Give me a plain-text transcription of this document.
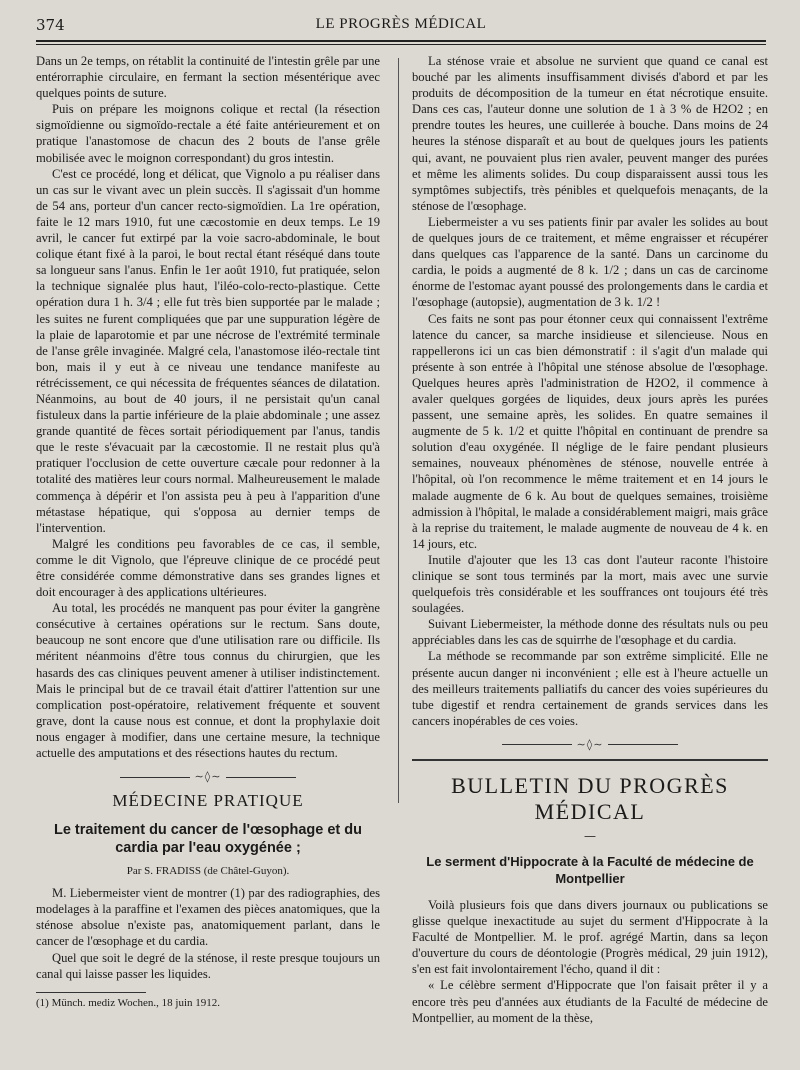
374	LE PROGRÈS MÉDICAL

Dans un 2e temps, on rétablit la continuité de l'intestin grêle par une entérorraphie circulaire, en fermant la section mésentérique avec quelques points de suture.

Puis on prépare les moignons colique et rectal (la résection sigmoïdienne ou sigmoïdo-rectale a été faite antérieurement et on pratique l'anastomose de chacun des 2 bouts de l'anse grêle mobilisée avec le moignon correspondant) du gros intestin.

C'est ce procédé, long et délicat, que Vignolo a pu réaliser dans un cas sur le vivant avec un plein succès. Il s'agissait d'un homme de 54 ans, porteur d'un cancer recto-sigmoïdien. La 1re opération, faite le 12 mars 1910, fut une cæcostomie en deux temps. Le 19 avril, le cancer fut extirpé par la voie sacro-abdominale, le bout colique étant fixé à la paroi, le bout rectal étant réséqué dans toute sa longueur sans l'anus. Enfin le 1er août 1910, fut pratiquée, selon la technique signalée plus haut, l'iléo-colo-recto-plastique. Cette opération dura 1 h. 3/4 ; elle fut très bien supportée par le malade ; les suites ne furent compliquées que par une suppuration légère de la plaie de laparotomie et par une nécrose de l'extrémité terminale de l'anse grêle invaginée. Malgré cela, l'anastomose iléo-rectale tint bon, mais il y eut à ce niveau une tendance manifeste au rétrécissement, ce qui nécessita de fréquentes séances de dilatation. Néanmoins, au bout de 40 jours, il ne persistait qu'un canal fistuleux dans la partie inférieure de la plaie abdominale ; une assez grande quantité de fèces sortait périodiquement par l'anus, tandis que le reste s'évacuait par la cæcostomie. Il ne restait plus qu'à pratiquer l'occlusion de cette ouverture cæcale pour redonner à la totalité des matières leur cours normal. Malheureusement le malade commença à dépérir et l'on assista peu à peu à l'apparition d'une métastase hépatique, qui s'opposa au dernier temps de l'intervention.

Malgré les conditions peu favorables de ce cas, il semble, comme le dit Vignolo, que l'épreuve clinique de ce procédé peut être considérée comme démonstrative dans ses grandes lignes et doit encourager à des applications ultérieures.

Au total, les procédés ne manquent pas pour éviter la gangrène consécutive à certaines opérations sur le rectum. Sans doute, beaucoup ne sont encore que d'une utilisation rare ou difficile. Ils méritent néanmoins d'être tous connus du chirurgien, que les hasards des cas cliniques peuvent amener à utiliser indistinctement. Mais le principal but de ce travail était d'attirer l'attention sur une complication post-opératoire, relativement fréquente et souvent grave, dont la cause nous est connue, et dont la prophylaxie doit nous engager à modifier, dans une certaine mesure, la technique actuelle des amputations et des résections hautes du rectum.

∼◊∼
MÉDECINE PRATIQUE
Le traitement du cancer de l'œsophage et du cardia par l'eau oxygénée ;
Par S. FRADISS (de Châtel-Guyon).

M. Liebermeister vient de montrer (1) par des radiographies, des modelages à la paraffine et l'examen des pièces anatomiques, que la sténose absolue n'existe pas, anatomiquement parlant, dans le cancer de l'œsophage et du cardia.

Quel que soit le degré de la sténose, il reste presque toujours un canal qui laisse passer les liquides.

(1) Münch. mediz Wochen., 18 juin 1912.

La sténose vraie et absolue ne survient que quand ce canal est bouché par les aliments insuffisamment divisés d'abord et par les produits de décomposition de la tumeur en état nécrotique ensuite. Dans ces cas, l'auteur donne une solution de 1 à 3 % de H2O2 ; en prendre toutes les heures, une cuillerée à bouche. Dans moins de 24 heures la sténose disparaît et au bout de quelques jours les patients qui, avant, ne pouvaient plus rien avaler, peuvent manger des purées et même les aliments solides. Du coup disparaissent aussi tous les symptômes subjectifs, très pénibles et quelquefois menaçants, de la sténose de l'œsophage.

Liebermeister a vu ses patients finir par avaler les solides au bout de quelques jours de ce traitement, et même engraisser et récupérer dans quelques cas l'apparence de la santé. Dans un carcinome du cardia, le poids a augmenté de 8 k. 1/2 ; dans un cas de carcinome énorme de l'estomac ayant poussé des prolongements dans le cardia et l'œsophage (autopsie), augmentation de 3 k. 1/2 !

Ces faits ne sont pas pour étonner ceux qui connaissent l'extrême latence du cancer, sa marche insidieuse et silencieuse. Nous en rappellerons ici un cas bien démonstratif : il s'agit d'un malade qui présente à son entrée à l'hôpital une sténose absolue de l'œsophage. Quelques heures après l'administration de H2O2, il commence à avaler quelques gorgées de liquides, deux jours après les purées passent, une semaine après, les solides. En quatre semaines il augmente de 5 k. 1/2 et quitte l'hôpital en continuant de prendre sa solution d'eau oxygénée. Il néglige de le faire pendant plusieurs semaines, nouveaux phénomènes de sténose, nouvelle entrée à l'hôpital, où l'on recommence le même traitement et en 14 jours le malade augmente de 6 k. Au bout de quelques semaines, troisième admission à l'hôpital, le malade a considérablement maigri, mais grâce à la reprise du traitement, le malade augmente de nouveau de 4 k. en 14 jours, etc.

Inutile d'ajouter que les 13 cas dont l'auteur raconte l'histoire clinique se sont tous terminés par la mort, mais avec une survie quelquefois très considérable et les souffrances ont toujours été très soulagées.

Suivant Liebermeister, la méthode donne des résultats nuls ou peu appréciables dans les cas de squirrhe de l'œsophage et du cardia.

La méthode se recommande par son extrême simplicité. Elle ne présente aucun danger ni inconvénient ; elle est à l'heure actuelle un des meilleurs traitements palliatifs du cancer des voies supérieures du tube digestif et rendra certainement de grands services dans les cancers inopérables de ces voies.

∼◊∼
BULLETIN DU PROGRÈS MÉDICAL
—
Le serment d'Hippocrate à la Faculté de médecine de Montpellier

Voilà plusieurs fois que dans divers journaux ou publications se glisse quelque inexactitude au sujet du serment d'Hippocrate à la Faculté de Montpellier. M. le prof. agrégé Martin, dans sa leçon d'ouverture du cours de déontologie (Progrès médical, 29 juin 1912), s'en est fait involontairement l'écho, quand il dit :

« Le célèbre serment d'Hippocrate que l'on faisait prêter il y a encore très peu d'années aux étudiants de la Faculté de médecine de Montpellier, au moment de la thèse,
